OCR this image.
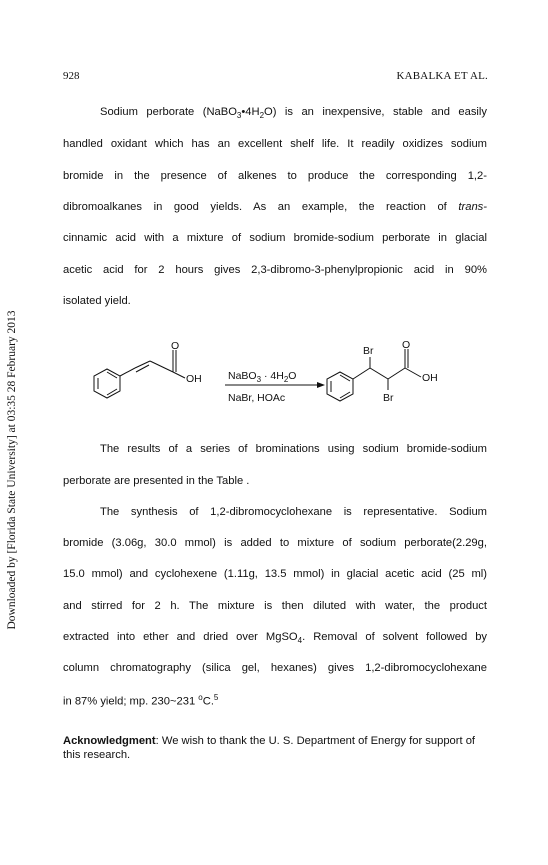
Downloaded by [Florida State University] at 03:35 28 February 2013
928	KABALKA ET AL.
Sodium perborate $(NaBO_3•4H_2O)$ is an inexpensive, stable and easily
handled oxidant which has an excellent shelf life. It readily oxidizes sodium
bromide in the presence of alkenes to produce the corresponding 1,2-
dibromoalkanes in good yields. As an example, the reaction of trans-
cinnamic acid with a mixture of sodium bromide-sodium perborate in glacial
acetic acid for 2 hours gives 2,3-dibromo-3-phenylpropionic acid in 90%
isolated yield.
O
OH	NaBO$_3$ · $4H_2O$
NaBr, HOAc
Br	O
OH
Br
The results of a series of brominations using sodium bromide-sodium
perborate are presented in the Table .
The synthesis of 1,2-dibromocyclohexane is representative. Sodium
bromide (3.06g, 30.0 mmol) is added to mixture of sodium perborate(2.29g,
15.0 mmol) and cyclohexene (1.11g, 13.5 mmol) in glacial acetic acid (25 ml)
and stirred for 2 h. The mixture is then diluted with water, the product
extracted into ether and dried over MgSO$_4$. Removal of solvent followed by
column chromatography (silica gel, hexanes) gives 1,2-dibromocyclohexane
in 87% yield; mp. 230~231 $^o$C.$^5$
Acknowledgment: We wish to thank the U. S. Department of Energy for support of this research.
